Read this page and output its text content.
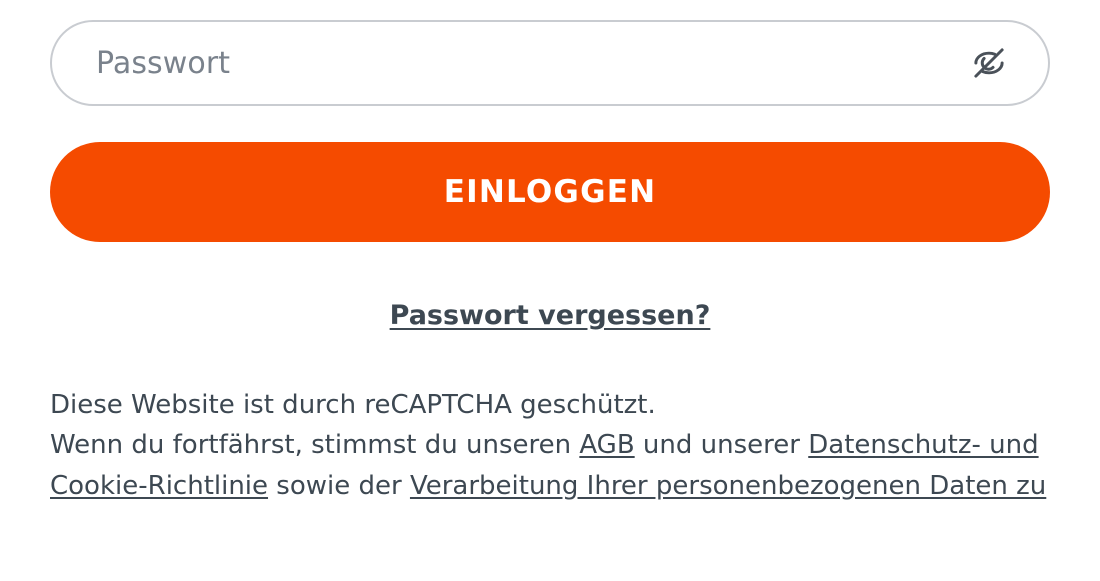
Passwort
EINLOGGEN
Passwort vergessen?
Diese Website ist durch reCAPTCHA geschützt.
Wenn du fortfährst, stimmst du unseren AGB und unserer Datenschutz- und Cookie-Richtlinie sowie der Verarbeitung Ihrer personenbezogenen Daten zu
